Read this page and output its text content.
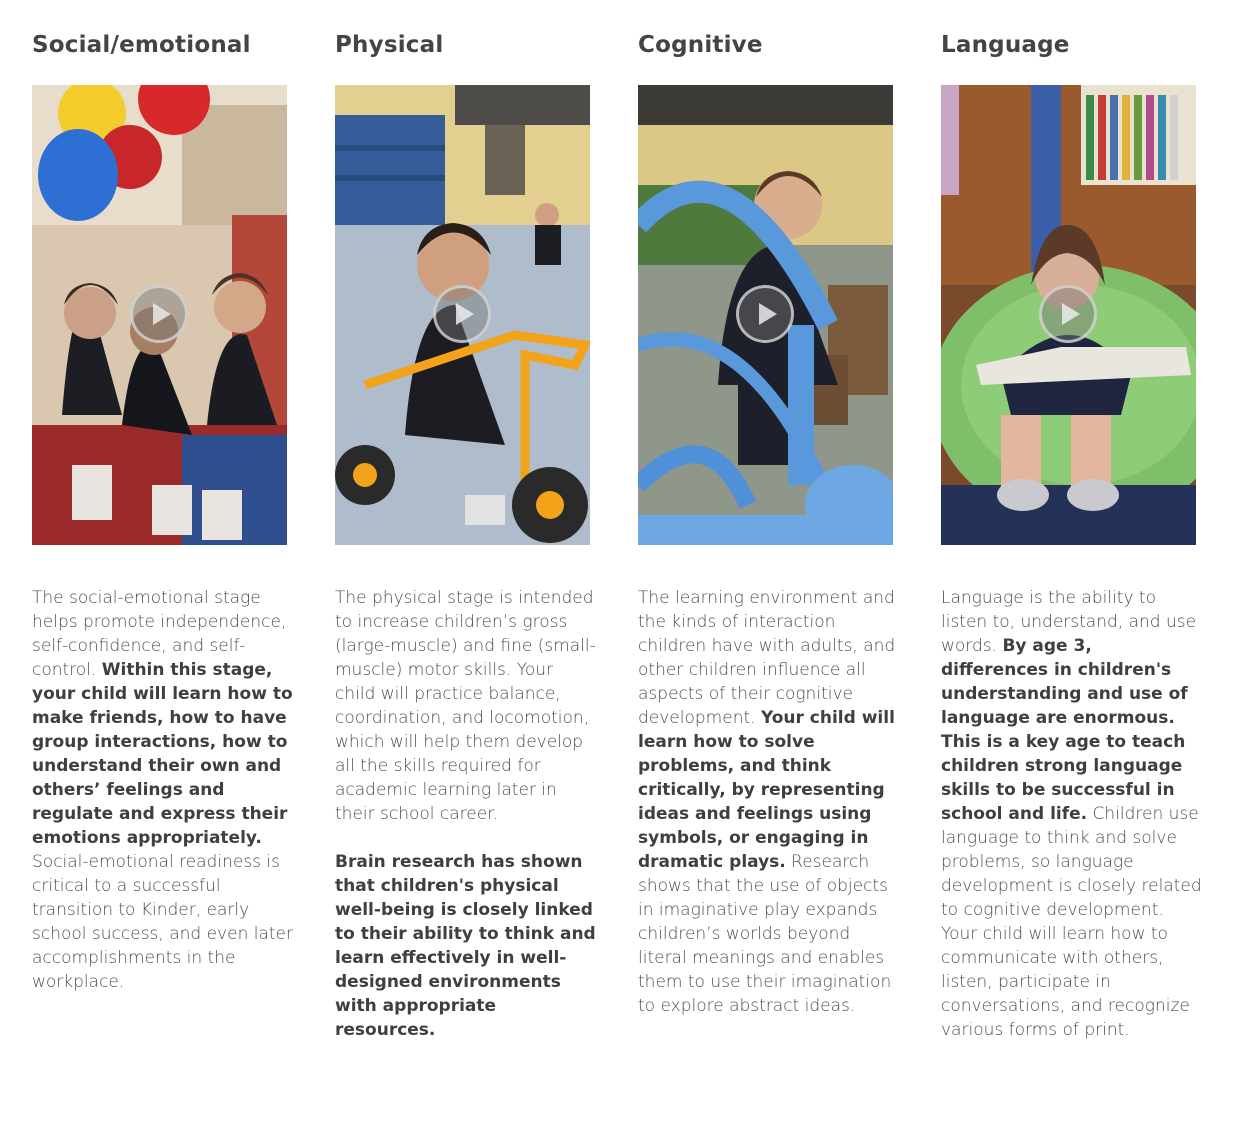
Social/emotional

The social-emotional stage helps promote independence, self-confidence, and self-control. Within this stage, your child will learn how to make friends, how to have group interactions, how to understand their own and others’ feelings and regulate and express their emotions appropriately. Social-emotional readiness is critical to a successful transition to Kinder, early school success, and even later accomplishments in the workplace.

Physical

The physical stage is intended to increase children’s gross (large-muscle) and fine (small-muscle) motor skills. Your child will practice balance, coordination, and locomotion, which will help them develop all the skills required for academic learning later in their school career.

Brain research has shown that children's physical well-being is closely linked to their ability to think and learn effectively in well-designed environments with appropriate resources.

Cognitive

The learning environment and the kinds of interaction children have with adults, and other children influence all aspects of their cognitive development. Your child will learn how to solve problems, and think critically, by representing ideas and feelings using symbols, or engaging in dramatic plays. Research shows that the use of objects in imaginative play expands children’s worlds beyond literal meanings and enables them to use their imagination to explore abstract ideas.

Language

Language is the ability to listen to, understand, and use words. By age 3, differences in children's understanding and use of language are enormous. This is a key age to teach children strong language skills to be successful in school and life. Children use language to think and solve problems, so language development is closely related to cognitive development. Your child will learn how to communicate with others, listen, participate in conversations, and recognize various forms of print.
